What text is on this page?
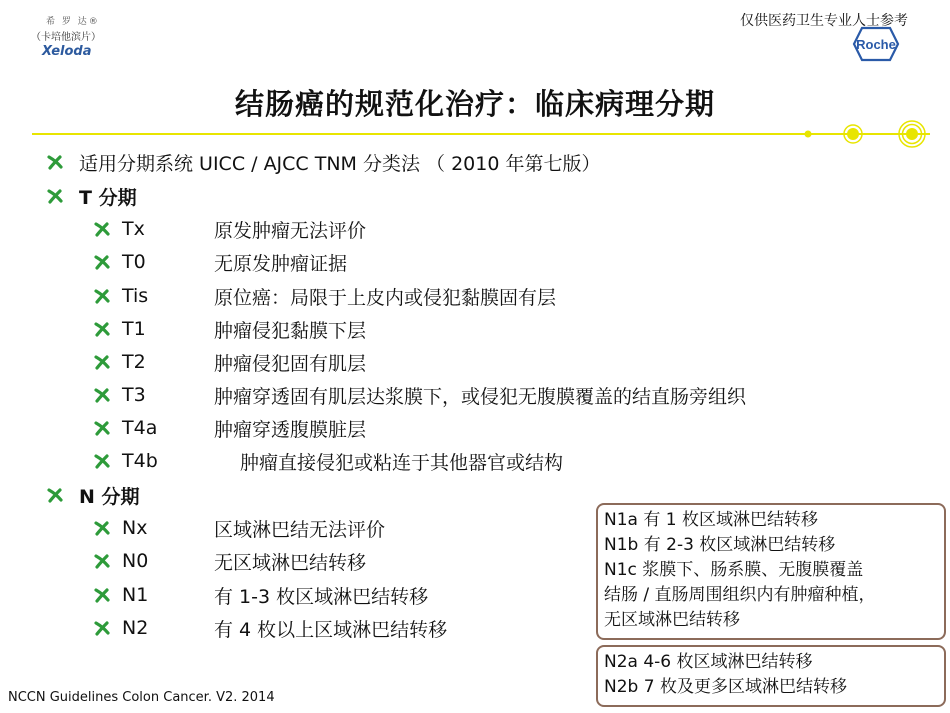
希 罗 达®
（卡培他滨片）
Xeloda
仅供医药卫生专业人士参考
Roche
结肠癌的规范化治疗：临床病理分期
适用分期系统 UICC / AJCC TNM 分类法 （ 2010 年第七版）
T 分期
Tx	原发肿瘤无法评价
T0	无原发肿瘤证据
Tis	原位癌：局限于上皮内或侵犯黏膜固有层
T1	肿瘤侵犯黏膜下层
T2	肿瘤侵犯固有肌层
T3	肿瘤穿透固有肌层达浆膜下，或侵犯无腹膜覆盖的结直肠旁组织
T4a	肿瘤穿透腹膜脏层
T4b	肿瘤直接侵犯或粘连于其他器官或结构
N 分期
Nx	区域淋巴结无法评价
N0	无区域淋巴结转移
N1	有 1-3 枚区域淋巴结转移
N2	有 4 枚以上区域淋巴结转移
N1a 有 1 枚区域淋巴结转移
N1b 有 2-3 枚区域淋巴结转移
N1c 浆膜下、肠系膜、无腹膜覆盖
结肠 / 直肠周围组织内有肿瘤种植，
无区域淋巴结转移
N2a 4-6 枚区域淋巴结转移
N2b 7 枚及更多区域淋巴结转移
NCCN Guidelines Colon Cancer. V2. 2014
